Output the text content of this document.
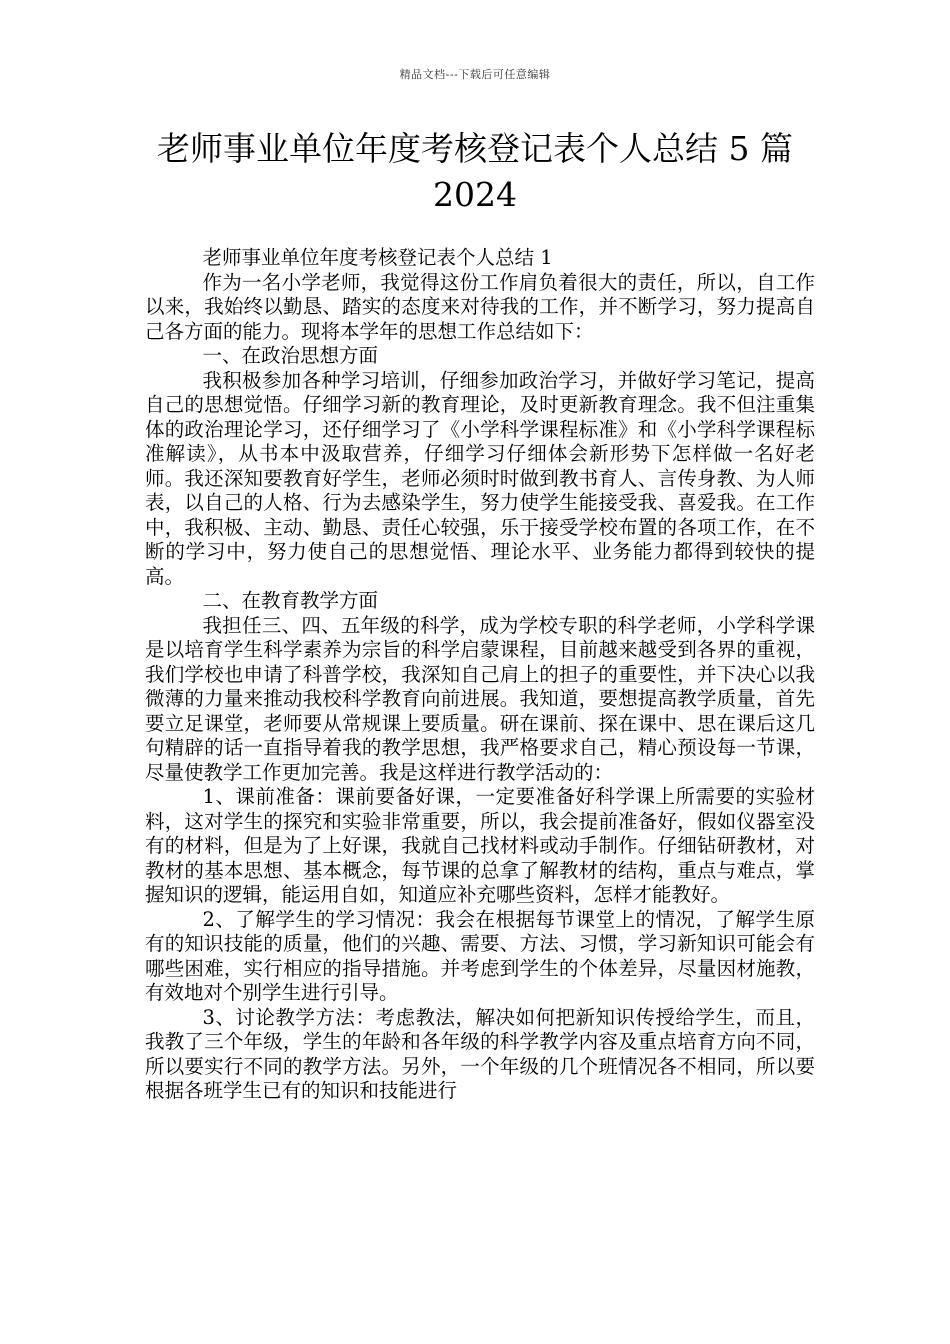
精品文档---下载后可任意编辑
老师事业单位年度考核登记表个人总结 5 篇 2024

老师事业单位年度考核登记表个人总结 1

作为一名小学老师，我觉得这份工作肩负着很大的责任，所以，自工作以来，我始终以勤恳、踏实的态度来对待我的工作，并不断学习，努力提高自己各方面的能力。现将本学年的思想工作总结如下：

一、在政治思想方面

我积极参加各种学习培训，仔细参加政治学习，并做好学习笔记，提高自己的思想觉悟。仔细学习新的教育理论，及时更新教育理念。我不但注重集体的政治理论学习，还仔细学习了《小学科学课程标准》和《小学科学课程标准解读》，从书本中汲取营养，仔细学习仔细体会新形势下怎样做一名好老师。我还深知要教育好学生，老师必须时时做到教书育人、言传身教、为人师表，以自己的人格、行为去感染学生，努力使学生能接受我、喜爱我。在工作中，我积极、主动、勤恳、责任心较强，乐于接受学校布置的各项工作，在不断的学习中，努力使自己的思想觉悟、理论水平、业务能力都得到较快的提高。

二、在教育教学方面

我担任三、四、五年级的科学，成为学校专职的科学老师，小学科学课是以培育学生科学素养为宗旨的科学启蒙课程，目前越来越受到各界的重视，我们学校也申请了科普学校，我深知自己肩上的担子的重要性，并下决心以我微薄的力量来推动我校科学教育向前进展。我知道，要想提高教学质量，首先要立足课堂，老师要从常规课上要质量。研在课前、探在课中、思在课后这几句精辟的话一直指导着我的教学思想，我严格要求自己，精心预设每一节课，尽量使教学工作更加完善。我是这样进行教学活动的：

1、课前准备：课前要备好课，一定要准备好科学课上所需要的实验材料，这对学生的探究和实验非常重要，所以，我会提前准备好，假如仪器室没有的材料，但是为了上好课，我就自己找材料或动手制作。仔细钻研教材，对教材的基本思想、基本概念，每节课的总拿了解教材的结构，重点与难点，掌握知识的逻辑，能运用自如，知道应补充哪些资料，怎样才能教好。

2、了解学生的学习情况：我会在根据每节课堂上的情况，了解学生原有的知识技能的质量，他们的兴趣、需要、方法、习惯，学习新知识可能会有哪些困难，实行相应的指导措施。并考虑到学生的个体差异，尽量因材施教，有效地对个别学生进行引导。

3、讨论教学方法：考虑教法，解决如何把新知识传授给学生，而且，我教了三个年级，学生的年龄和各年级的科学教学内容及重点培育方向不同，所以要实行不同的教学方法。另外，一个年级的几个班情况各不相同，所以要根据各班学生已有的知识和技能进行
